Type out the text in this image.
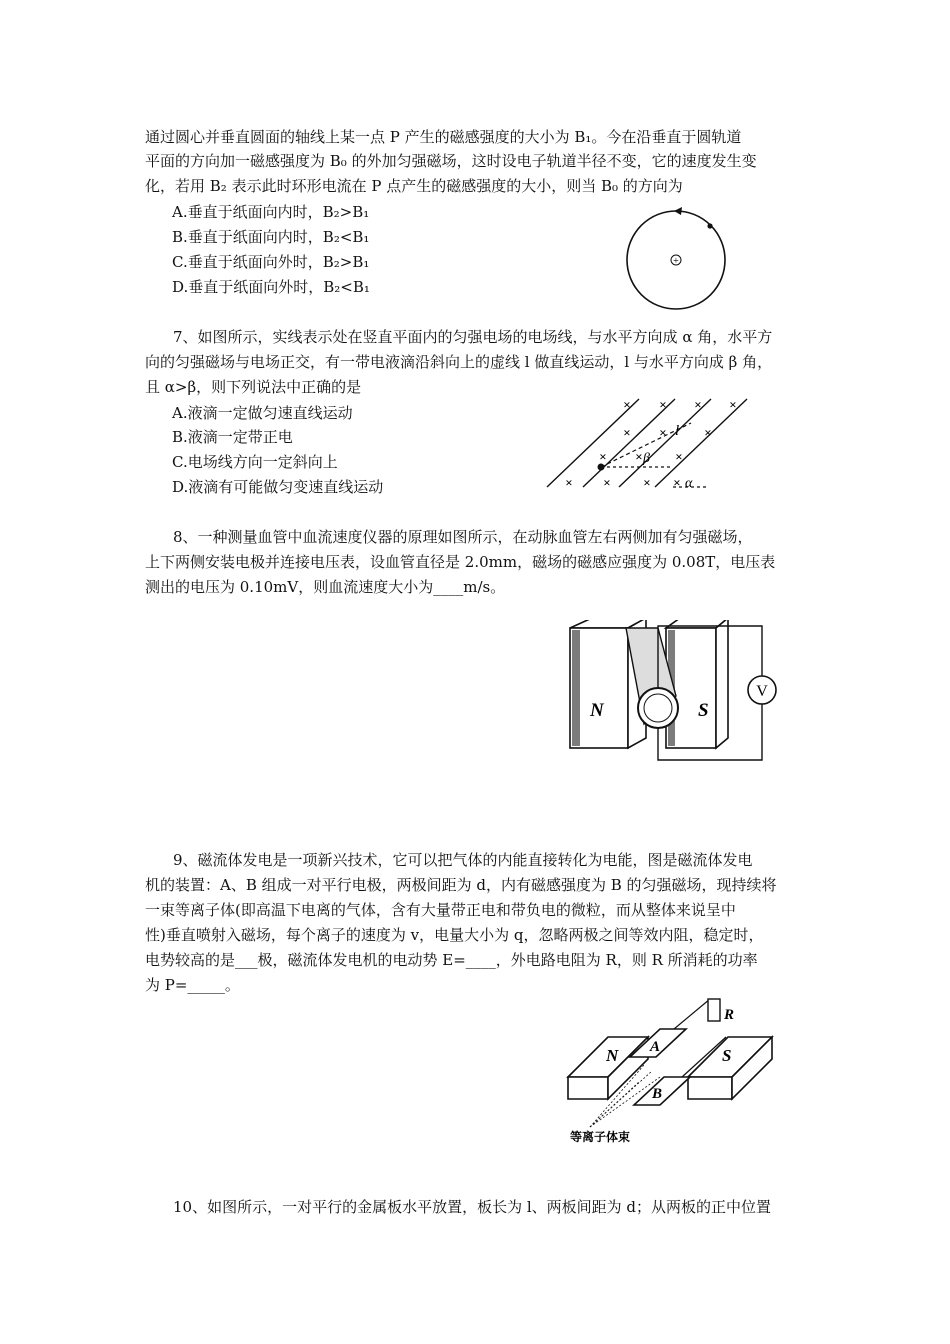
通过圆心并垂直圆面的轴线上某一点 P 产生的磁感强度的大小为 B₁。今在沿垂直于圆轨道
平面的方向加一磁感强度为 B₀ 的外加匀强磁场，这时设电子轨道半径不变，它的速度发生变
化，若用 B₂ 表示此时环形电流在 P 点产生的磁感强度的大小，则当 B₀ 的方向为
A.垂直于纸面向内时，B₂>B₁
B.垂直于纸面向内时，B₂<B₁
C.垂直于纸面向外时，B₂>B₁
D.垂直于纸面向外时，B₂<B₁
+
7、如图所示，实线表示处在竖直平面内的匀强电场的电场线，与水平方向成 α 角，水平方
向的匀强磁场与电场正交，有一带电液滴沿斜向上的虚线 l 做直线运动，l 与水平方向成 β 角，
且 α>β，则下列说法中正确的是
A.液滴一定做匀速直线运动
B.液滴一定带正电
C.电场线方向一定斜向上
D.液滴有可能做匀变速直线运动
× × × ×
× ×	×
× ×	×
× ×	× ×
l
β
α
8、一种测量血管中血流速度仪器的原理如图所示，在动脉血管左右两侧加有匀强磁场，
上下两侧安装电极并连接电压表，设血管直径是 2.0mm，磁场的磁感应强度为 0.08T，电压表
测出的电压为 0.10mV，则血流速度大小为____m/s。
V
N	S
9、磁流体发电是一项新兴技术，它可以把气体的内能直接转化为电能，图是磁流体发电
机的装置：A、B 组成一对平行电极，两极间距为 d，内有磁感强度为 B 的匀强磁场，现持续将
一束等离子体(即高温下电离的气体，含有大量带正电和带负电的微粒，而从整体来说呈中
性)垂直喷射入磁场，每个离子的速度为 v，电量大小为 q，忽略两极之间等效内阻，稳定时，
电势较高的是___极，磁流体发电机的电动势 E=____，外电路电阻为 R，则 R 所消耗的功率
为 P=_____。
R
N	S
A
B
等离子体束
10、如图所示，一对平行的金属板水平放置，板长为 l、两板间距为 d；从两板的正中位置
